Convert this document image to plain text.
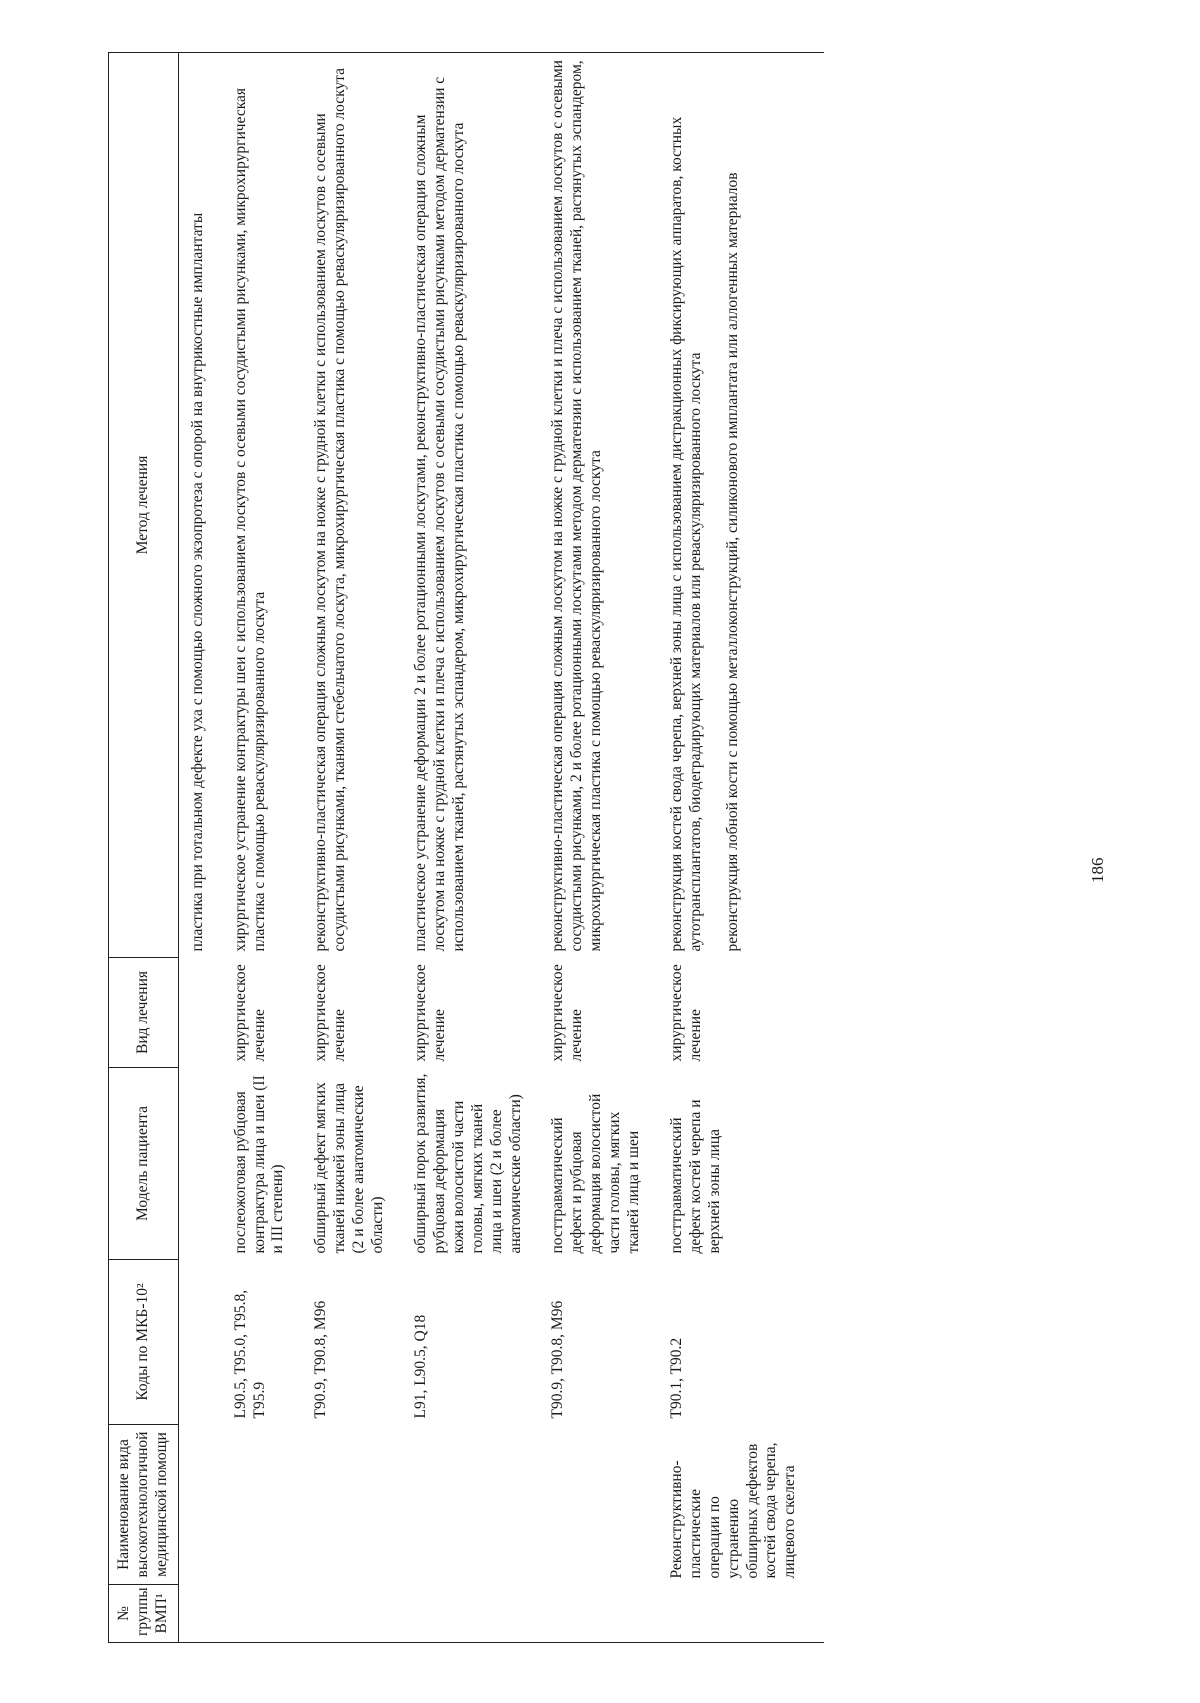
186
№ группы ВМП¹	Наименование вида высокотехнологичной медицинской помощи	Коды по МКБ-10²	Модель пациента	Вид лечения	Метод лечения
					пластика при тотальном дефекте уха с помощью сложного экзопротеза с опорой на внутрикостные имплантаты
		L90.5, T95.0, T95.8, T95.9	послеожоговая рубцовая контрактура лица и шеи (II и III степени)	хирургическое лечение	хирургическое устранение контрактуры шеи с использованием лоскутов с осевыми сосудистыми рисунками, микрохирургическая пластика с помощью реваскуляризированного лоскута
		T90.9, T90.8, M96	обширный дефект мягких тканей нижней зоны лица (2 и более анатомические области)	хирургическое лечение	реконструктивно-пластическая операция сложным лоскутом на ножке с грудной клетки с использованием лоскутов с осевыми сосудистыми рисунками, тканями стебельчатого лоскута, микрохирургическая пластика с помощью реваскуляризированного лоскута
		L91, L90.5, Q18	обширный порок развития, рубцовая деформация кожи волосистой части головы, мягких тканей лица и шеи (2 и более анатомические области)	хирургическое лечение	пластическое устранение деформации 2 и более ротационными лоскутами, реконструктивно-пластическая операция сложным лоскутом на ножке с грудной клетки и плеча с использованием лоскутов с осевыми сосудистыми рисунками методом дерматензии с использованием тканей, растянутых эспандером, микрохирургическая пластика с помощью реваскуляризированного лоскута
		T90.9, T90.8, M96	посттравматический дефект и рубцовая деформация волосистой части головы, мягких тканей лица и шеи	хирургическое лечение	реконструктивно-пластическая операция сложным лоскутом на ножке с грудной клетки и плеча с использованием лоскутов с осевыми сосудистыми рисунками, 2 и более ротационными лоскутами методом дерматензии с использованием тканей, растянутых эспандером, микрохирургическая пластика с помощью реваскуляризированного лоскута
	Реконструктивно-пластические операции по устранению обширных дефектов костей свода черепа, лицевого скелета	T90.1, T90.2	посттравматический дефект костей черепа и верхней зоны лица	хирургическое лечение	реконструкция костей свода черепа, верхней зоны лица с использованием дистракционных фиксирующих аппаратов, костных аутотрансплантатов, биодеградирующих материалов или реваскуляризированного лоскута реконструкция лобной кости с помощью металлоконструкций, силиконового имплантата или аллогенных материалов
